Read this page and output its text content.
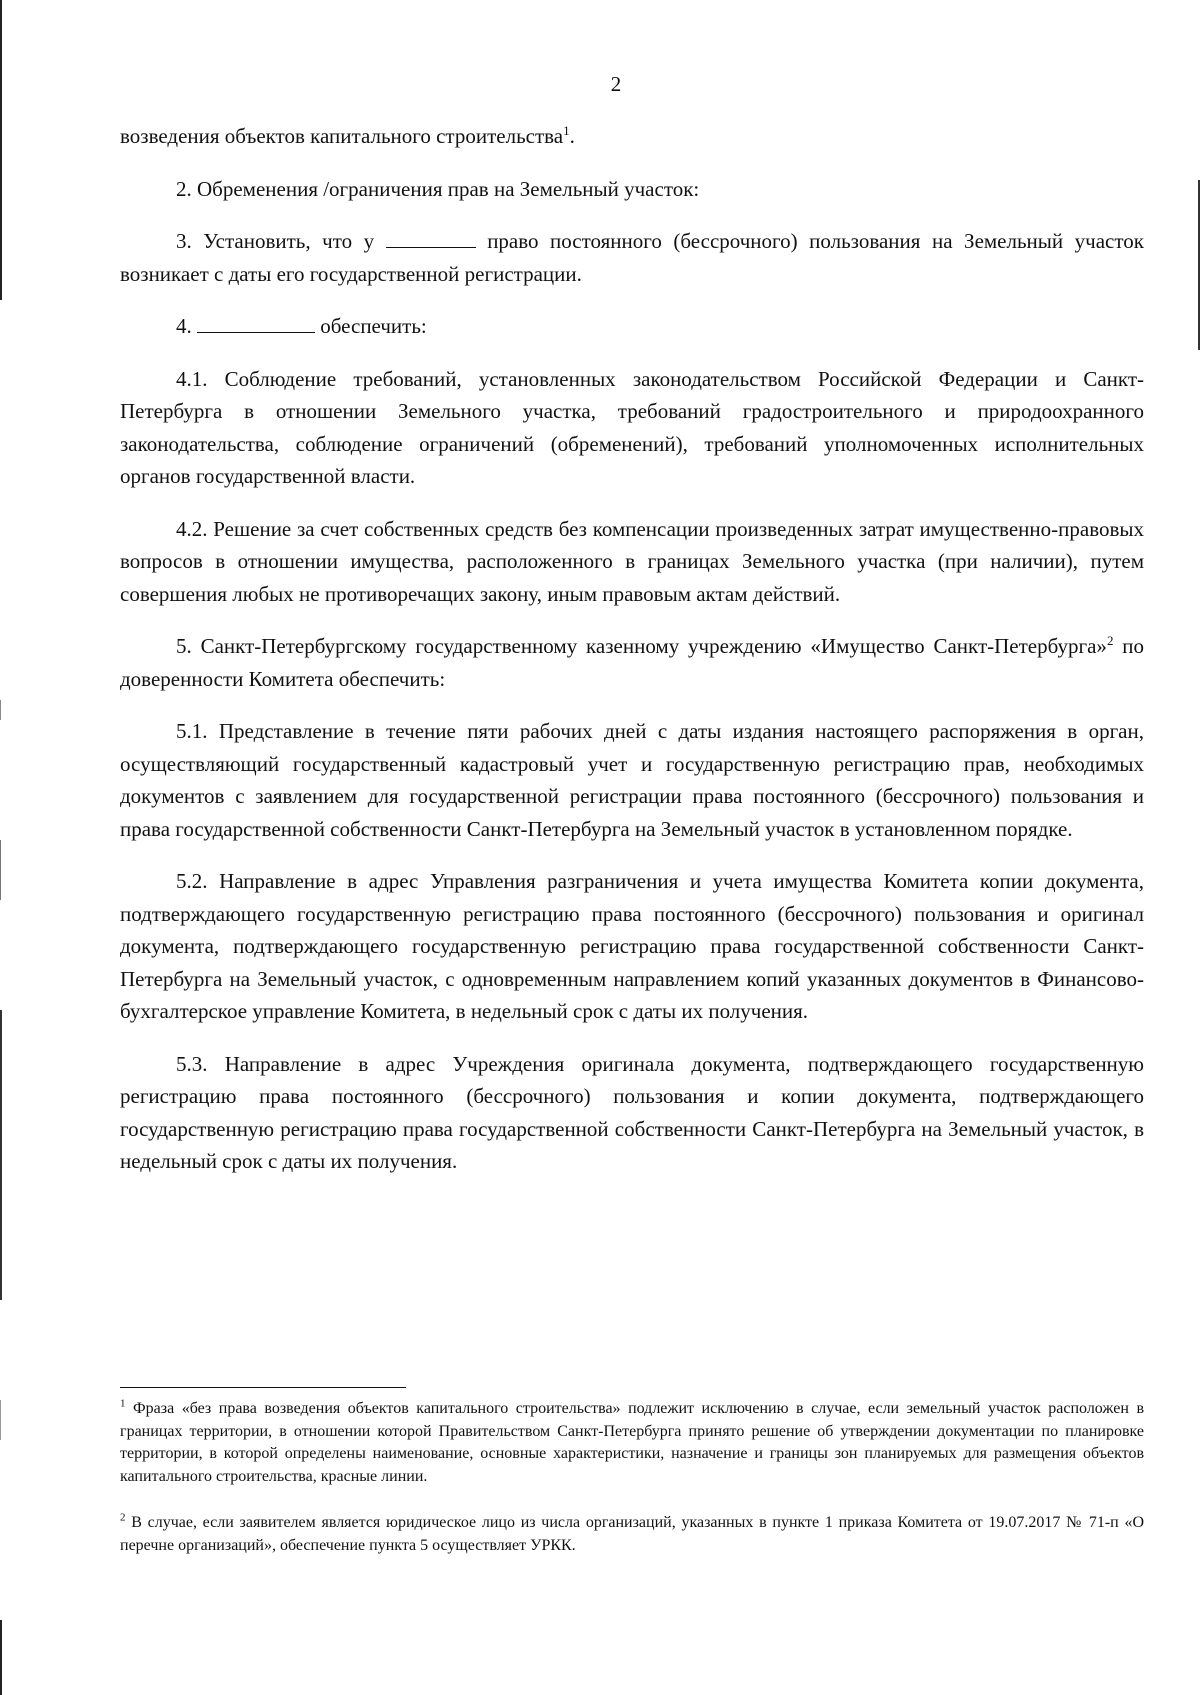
2

возведения объектов капитального строительства$^1$.

2. Обременения /ограничения прав на Земельный участок:

3. Установить, что у	право постоянного (бессрочного) пользования на Земельный участок возникает с даты его государственной регистрации.

4.	обеспечить:

4.1. Соблюдение требований, установленных законодательством Российской Федерации и Санкт-Петербурга в отношении Земельного участка, требований градостроительного и природоохранного законодательства, соблюдение ограничений (обременений), требований уполномоченных исполнительных органов государственной власти.

4.2. Решение за счет собственных средств без компенсации произведенных затрат имущественно-правовых вопросов в отношении имущества, расположенного в границах Земельного участка (при наличии), путем совершения любых не противоречащих закону, иным правовым актам действий.

5. Санкт-Петербургскому государственному казенному учреждению «Имущество Санкт-Петербурга»$^2$ по доверенности Комитета обеспечить:

5.1. Представление в течение пяти рабочих дней с даты издания настоящего распоряжения в орган, осуществляющий государственный кадастровый учет и государственную регистрацию прав, необходимых документов с заявлением для государственной регистрации права постоянного (бессрочного) пользования и права государственной собственности Санкт-Петербурга на Земельный участок в установленном порядке.

5.2. Направление в адрес Управления разграничения и учета имущества Комитета копии документа, подтверждающего государственную регистрацию права постоянного (бессрочного) пользования и оригинал документа, подтверждающего государственную регистрацию права государственной собственности Санкт-Петербурга на Земельный участок, с одновременным направлением копий указанных документов в Финансово-бухгалтерское управление Комитета, в недельный срок с даты их получения.

5.3. Направление в адрес Учреждения оригинала документа, подтверждающего государственную регистрацию права постоянного (бессрочного) пользования и копии документа, подтверждающего государственную регистрацию права государственной собственности Санкт-Петербурга на Земельный участок, в недельный срок с даты их получения.

$^1$ Фраза «без права возведения объектов капитального строительства» подлежит исключению в случае, если земельный участок расположен в границах территории, в отношении которой Правительством Санкт-Петербурга принято решение об утверждении документации по планировке территории, в которой определены наименование, основные характеристики, назначение и границы зон планируемых для размещения объектов капитального строительства, красные линии.

$^2$ В случае, если заявителем является юридическое лицо из числа организаций, указанных в пункте 1 приказа Комитета от 19.07.2017 № 71-п «О перечне организаций», обеспечение пункта 5 осуществляет УРКК.
